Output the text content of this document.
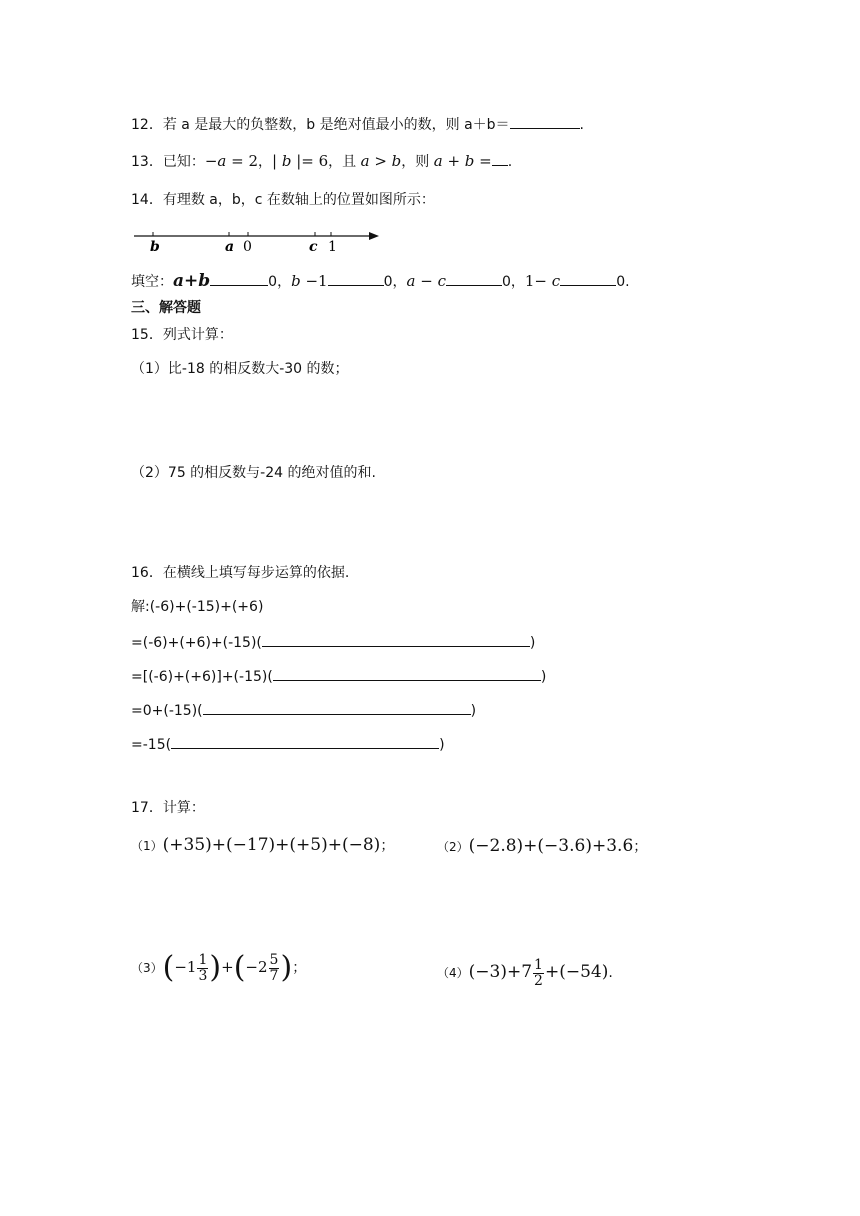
12．若 a 是最大的负整数，b 是绝对值最小的数，则 a＋b＝	.
13．已知：−a = 2，| b |= 6，且 a > b，则 a + b = .
14．有理数 a，b，c 在数轴上的位置如图所示：
b	a 0	c 1
填空：a+b	0，b −1	0，a − c	0，1− c	0.
三、解答题
15．列式计算：
（1）比-18 的相反数大-30 的数；
（2）75 的相反数与-24 的绝对值的和.
16．在横线上填写每步运算的依据.
解:(-6)+(-15)+(+6)
=(-6)+(+6)+(-15)(	)
=[(-6)+(+6)]+(-15)(	)
=0+(-15)(	)
=-15(	)
17．计算：
（1）(+35)+(−17)+(+5)+(−8)；	（2）(−2.8)+(−3.6)+3.6；
$(3)(-1 \frac{1}{3} )+(-2 \frac{5}{7}$ )；	$(4)(-3)+7 \frac{1}{2} +(-54)$.
